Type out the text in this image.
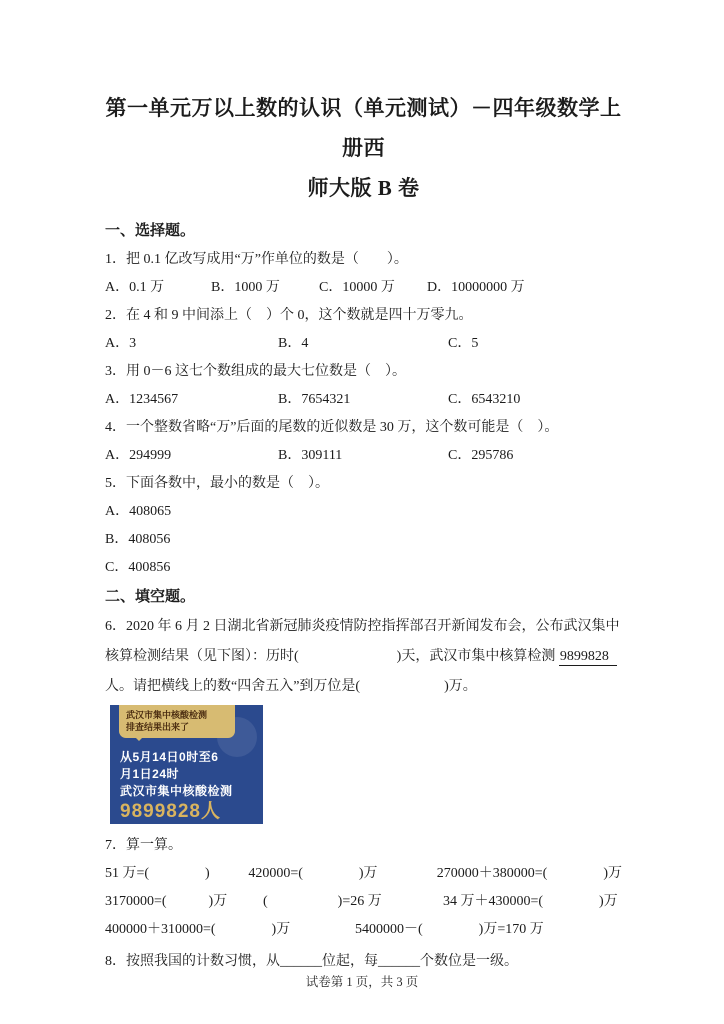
第一单元万以上数的认识（单元测试）－四年级数学上册西
师大版 B 卷
一、选择题。

1．把 0.1 亿改写成用“万”作单位的数是（　　）。

A．0.1 万	B．1000 万	C．10000 万	D．10000000 万

2．在 4 和 9 中间添上（　）个 0，这个数就是四十万零九。

A．3	B．4	C．5

3．用 0－6 这七个数组成的最大七位数是（　）。

A．1234567	B．7654321	C．6543210

4．一个整数省略“万”后面的尾数的近似数是 30 万，这个数可能是（　）。

A．294999	B．309111	C．295786

5．下面各数中，最小的数是（　）。

A．408065

B．408056

C．400856

二、填空题。

6．2020 年 6 月 2 日湖北省新冠肺炎疫情防控指挥部召开新闻发布会，公布武汉集中核算检测结果（见下图）：历时(　　　　　　　)天，武汉市集中核算检测 9899828人。请把横线上的数“四舍五入”到万位是(　　　　　　)万。

武汉市集中核酸检测
排查结果出来了
从5月14日0时至6
月1日24时
武汉市集中核酸检测
9899828人

7．算一算。

51 万=(　　　　)	420000=(　　　　)万	270000＋380000=(　　　　)万
3170000=(　　　)万	(　　　　　)=26 万	34 万＋430000=(　　　　)万
400000＋310000=(　　　　)万	5400000－(　　　　)万=170 万

8．按照我国的计数习惯，从______位起，每______个数位是一级。

试卷第 1 页，共 3 页
